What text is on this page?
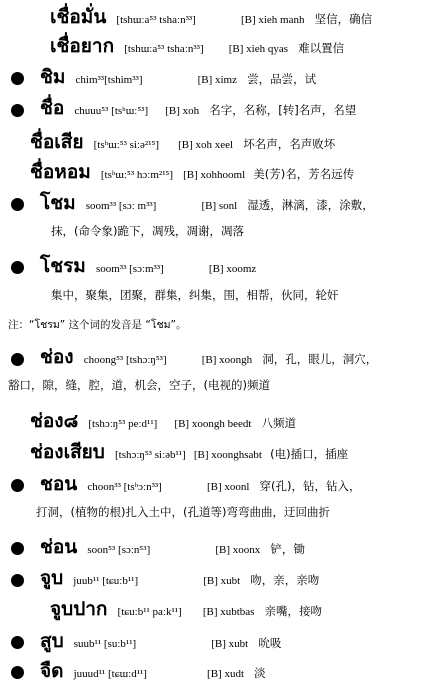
เชื่อมั่น [tshɯːa⁵³ tshaːn³³]	[B] xieh manh 坚信，确信
เชื่อยาก [tshɯːa⁵³ tshaːn³³] [B] xieh qyas 难以置信
ชิม chim³³[tshim³³]	[B] ximz 尝，品尝，试
ชื่อ chuuu⁵³ [tsʰɯː⁵³] [B] xoh 名字，名称，[转]名声，名望
ชื่อเสีย [tsʰɯː⁵³ siːə²¹⁵] [B] xoh xeel 坏名声，名声败坏
ชื่อหอม [tsʰɯː⁵³ hɔːm²¹⁵] [B] xohhooml 美(芳)名，芳名远传
โชม soom³³ [sɔː m³³]	[B] sonl 湿透，淋漓，漆，涂敷，
抹，(命令象)跪下，凋残，凋谢，凋落
โชรม soom³³ [sɔːm³³]	[B] xoomz
集中，聚集，团聚，群集，纠集，围，相帮，伙同，轮奸
注：“โชรม” 这个词的发音是 “โชม”。
ช่อง choong⁵³ [tshɔːŋ⁵³]	[B] xoongh 洞，孔，眼儿，洞穴，
豁口，隙，缝，腔，道，机会，空子，(电视的)频道
ช่อง๘ [tshɔːŋ⁵³ peːd¹¹] [B] xoongh beedt 八频道
ช่องเสียบ [tshɔːŋ⁵³ siːəb¹¹] [B] xoonghsabt (电)插口，插座
ชอน choon³³ [tsʰɔːn³³]	[B] xoonl 穿(孔)，钻，钻入，
打洞，(植物的根)扎入土中，(孔道等)弯弯曲曲，迂回曲折
ช่อน soon⁵³ [sɔːn⁵³]	[B] xoonx 铲，锄
จูบ juub¹¹ [tɕuːb¹¹]	[B] xubt 吻，亲，亲吻
จูบปาก [tɕuːb¹¹ paːk¹¹] [B] xubtbas 亲嘴，接吻
สูบ suub¹¹ [suːb¹¹]	[B] xubt 吮吸
จืด juuud¹¹ [tɕɯːd¹¹]	[B] xudt 淡
